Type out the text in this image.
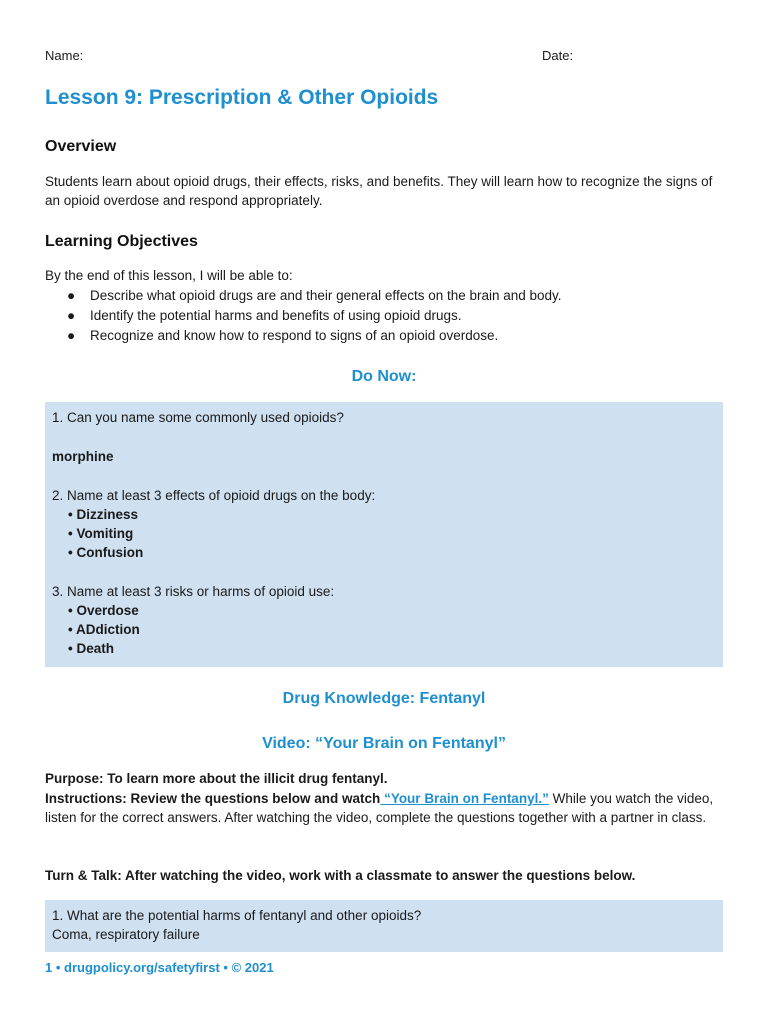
Name:	Date:
Lesson 9: Prescription & Other Opioids
Overview

Students learn about opioid drugs, their effects, risks, and benefits. They will learn how to recognize the signs of an opioid overdose and respond appropriately.

Learning Objectives

By the end of this lesson, I will be able to:

● Describe what opioid drugs are and their general effects on the brain and body.
● Identify the potential harms and benefits of using opioid drugs.
● Recognize and know how to respond to signs of an opioid overdose.
Do Now:

1. Can you name some commonly used opioids?

morphine

2. Name at least 3 effects of opioid drugs on the body:

• Dizziness

• Vomiting

• Confusion

3. Name at least 3 risks or harms of opioid use:

• Overdose

• ADdiction

• Death

Drug Knowledge: Fentanyl
Video: “Your Brain on Fentanyl”

Purpose: To learn more about the illicit drug fentanyl.

Instructions: Review the questions below and watch “Your Brain on Fentanyl.” While you watch the video, listen for the correct answers. After watching the video, complete the questions together with a partner in class.

Turn & Talk: After watching the video, work with a classmate to answer the questions below.

1. What are the potential harms of fentanyl and other opioids?

Coma, respiratory failure

1 • drugpolicy.org/safetyfirst • © 2021
